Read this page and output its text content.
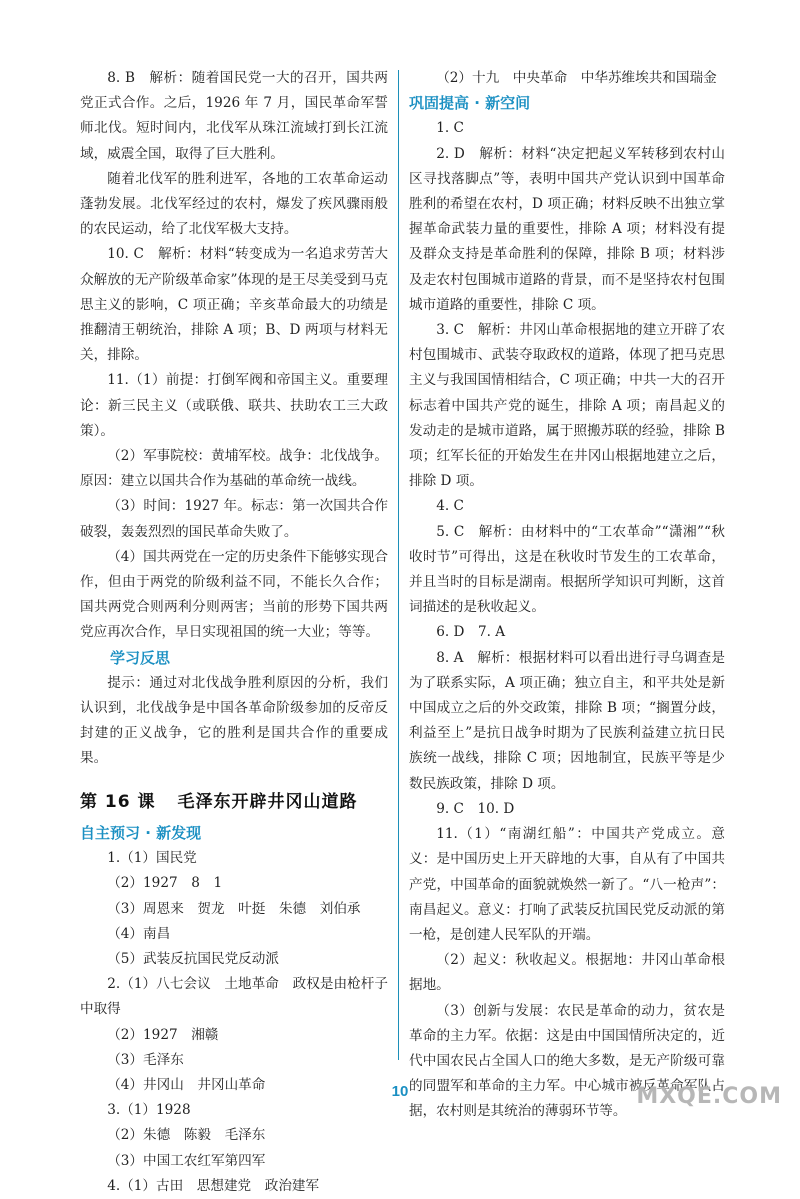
8. B　解析：随着国民党一大的召开，国共两党正式合作。之后，1926 年 7 月，国民革命军誓师北伐。短时间内，北伐军从珠江流域打到长江流域，威震全国，取得了巨大胜利。

随着北伐军的胜利进军，各地的工农革命运动蓬勃发展。北伐军经过的农村，爆发了疾风骤雨般的农民运动，给了北伐军极大支持。

10. C　解析：材料“转变成为一名追求劳苦大众解放的无产阶级革命家”体现的是王尽美受到马克思主义的影响，C 项正确；辛亥革命最大的功绩是推翻清王朝统治，排除 A 项；B、D 两项与材料无关，排除。

11.（1）前提：打倒军阀和帝国主义。重要理论：新三民主义（或联俄、联共、扶助农工三大政策）。

（2）军事院校：黄埔军校。战争：北伐战争。原因：建立以国共合作为基础的革命统一战线。

（3）时间：1927 年。标志：第一次国共合作破裂，轰轰烈烈的国民革命失败了。

（4）国共两党在一定的历史条件下能够实现合作，但由于两党的阶级利益不同，不能长久合作；国共两党合则两利分则两害；当前的形势下国共两党应再次合作，早日实现祖国的统一大业；等等。

学习反思

提示：通过对北伐战争胜利原因的分析，我们认识到，北伐战争是中国各革命阶级参加的反帝反封建的正义战争，它的胜利是国共合作的重要成果。

第 16 课 毛泽东开辟井冈山道路

自主预习 · 新发现

1.（1）国民党

（2）1927　8　1

（3）周恩来　贺龙　叶挺　朱德　刘伯承

（4）南昌

（5）武装反抗国民党反动派

2.（1）八七会议　土地革命　政权是由枪杆子中取得

（2）1927　湘赣

（3）毛泽东

（4）井冈山　井冈山革命

3.（1）1928

（2）朱德　陈毅　毛泽东

（3）中国工农红军第四军

4.（1）古田　思想建党　政治建军

（2）十九　中央革命　中华苏维埃共和国瑞金

巩固提高 · 新空间

1. C

2. D　解析：材料“决定把起义军转移到农村山区寻找落脚点”等，表明中国共产党认识到中国革命胜利的希望在农村，D 项正确；材料反映不出独立掌握革命武装力量的重要性，排除 A 项；材料没有提及群众支持是革命胜利的保障，排除 B 项；材料涉及走农村包围城市道路的背景，而不是坚持农村包围城市道路的重要性，排除 C 项。

3. C　解析：井冈山革命根据地的建立开辟了农村包围城市、武装夺取政权的道路，体现了把马克思主义与我国国情相结合，C 项正确；中共一大的召开标志着中国共产党的诞生，排除 A 项；南昌起义的发动走的是城市道路，属于照搬苏联的经验，排除 B 项；红军长征的开始发生在井冈山根据地建立之后，排除 D 项。

4. C

5. C　解析：由材料中的“工农革命”“潇湘”“秋收时节”可得出，这是在秋收时节发生的工农革命，并且当时的目标是湖南。根据所学知识可判断，这首词描述的是秋收起义。

6. D　7. A

8. A　解析：根据材料可以看出进行寻乌调查是为了联系实际，A 项正确；独立自主，和平共处是新中国成立之后的外交政策，排除 B 项；“搁置分歧，利益至上”是抗日战争时期为了民族利益建立抗日民族统一战线，排除 C 项；因地制宜，民族平等是少数民族政策，排除 D 项。

9. C　10. D

11.（1）“南湖红船”：中国共产党成立。意义：是中国历史上开天辟地的大事，自从有了中国共产党，中国革命的面貌就焕然一新了。“八一枪声”：南昌起义。意义：打响了武装反抗国民党反动派的第一枪，是创建人民军队的开端。

（2）起义：秋收起义。根据地：井冈山革命根据地。

（3）创新与发展：农民是革命的动力，贫农是革命的主力军。依据：这是由中国国情所决定的，近代中国农民占全国人口的绝大多数，是无产阶级可靠的同盟军和革命的主力军。中心城市被反革命军队占据，农村则是其统治的薄弱环节等。

10	MXQE.COM
